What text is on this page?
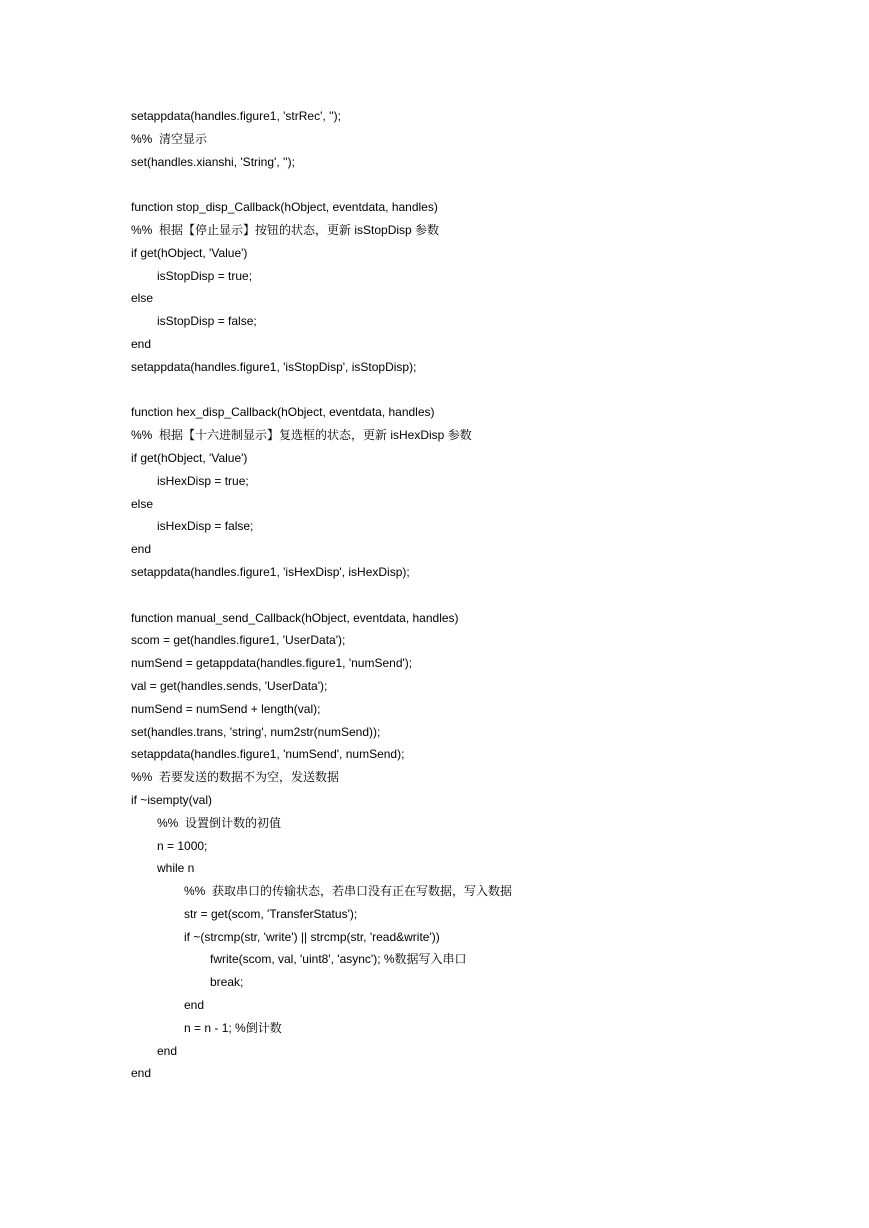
setappdata(handles.figure1, 'strRec', '');
%%  清空显示
set(handles.xianshi, 'String', '');
function stop_disp_Callback(hObject, eventdata, handles)
%%  根据【停止显示】按钮的状态，更新 isStopDisp 参数
if get(hObject, 'Value')
isStopDisp = true;
else
isStopDisp = false;
end
setappdata(handles.figure1, 'isStopDisp', isStopDisp);
function hex_disp_Callback(hObject, eventdata, handles)
%%  根据【十六进制显示】复选框的状态，更新 isHexDisp 参数
if get(hObject, 'Value')
isHexDisp = true;
else
isHexDisp = false;
end
setappdata(handles.figure1, 'isHexDisp', isHexDisp);
function manual_send_Callback(hObject, eventdata, handles)
scom = get(handles.figure1, 'UserData');
numSend = getappdata(handles.figure1, 'numSend');
val = get(handles.sends, 'UserData');
numSend = numSend + length(val);
set(handles.trans, 'string', num2str(numSend));
setappdata(handles.figure1, 'numSend', numSend);
%%  若要发送的数据不为空，发送数据
if ~isempty(val)
%%  设置倒计数的初值
n = 1000;
while n
%%  获取串口的传输状态，若串口没有正在写数据，写入数据
str = get(scom, 'TransferStatus');
if ~(strcmp(str, 'write') || strcmp(str, 'read&write'))
fwrite(scom, val, 'uint8', 'async'); %数据写入串口
break;
end
n = n - 1; %倒计数
end
end
